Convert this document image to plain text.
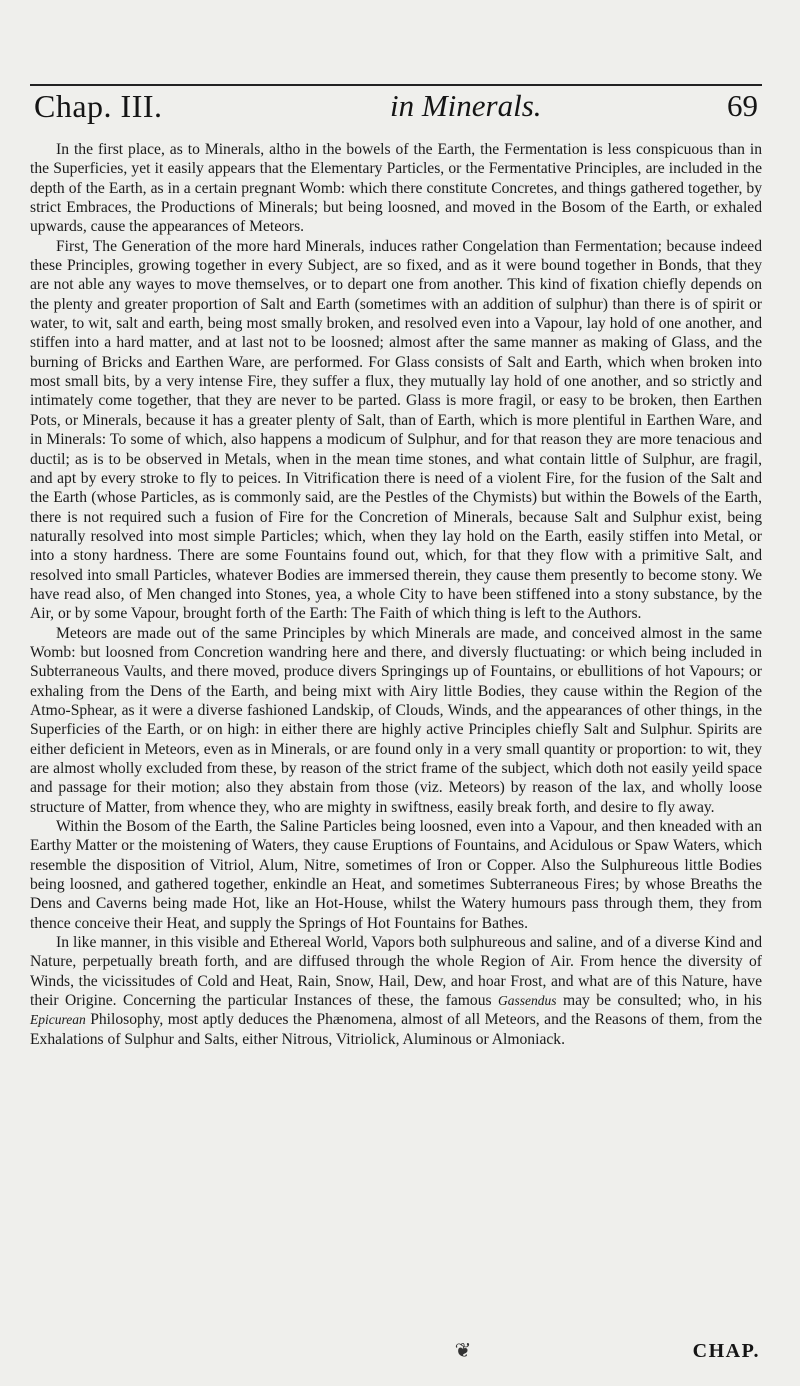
Chap. III.	in Minerals.	69

In the first place, as to Minerals, altho in the bowels of the Earth, the Fermentation is less conspicuous than in the Superficies, yet it easily appears that the Elementary Particles, or the Fermentative Principles, are included in the depth of the Earth, as in a certain pregnant Womb: which there constitute Concretes, and things gathered together, by strict Embraces, the Productions of Minerals; but being loosned, and moved in the Bosom of the Earth, or exhaled upwards, cause the appearances of Meteors.

First, The Generation of the more hard Minerals, induces rather Congelation than Fermentation; because indeed these Principles, growing together in every Subject, are so fixed, and as it were bound together in Bonds, that they are not able any wayes to move themselves, or to depart one from another. This kind of fixation chiefly depends on the plenty and greater proportion of Salt and Earth (sometimes with an addition of sulphur) than there is of spirit or water, to wit, salt and earth, being most smally broken, and resolved even into a Vapour, lay hold of one another, and stiffen into a hard matter, and at last not to be loosned; almost after the same manner as making of Glass, and the burning of Bricks and Earthen Ware, are performed. For Glass consists of Salt and Earth, which when broken into most small bits, by a very intense Fire, they suffer a flux, they mutually lay hold of one another, and so strictly and intimately come together, that they are never to be parted. Glass is more fragil, or easy to be broken, then Earthen Pots, or Minerals, because it has a greater plenty of Salt, than of Earth, which is more plentiful in Earthen Ware, and in Minerals: To some of which, also happens a modicum of Sulphur, and for that reason they are more tenacious and ductil; as is to be observed in Metals, when in the mean time stones, and what contain little of Sulphur, are fragil, and apt by every stroke to fly to peices. In Vitrification there is need of a violent Fire, for the fusion of the Salt and the Earth (whose Particles, as is commonly said, are the Pestles of the Chymists) but within the Bowels of the Earth, there is not required such a fusion of Fire for the Concretion of Minerals, because Salt and Sulphur exist, being naturally resolved into most simple Particles; which, when they lay hold on the Earth, easily stiffen into Metal, or into a stony hardness. There are some Fountains found out, which, for that they flow with a primitive Salt, and resolved into small Particles, whatever Bodies are immersed therein, they cause them presently to become stony. We have read also, of Men changed into Stones, yea, a whole City to have been stiffened into a stony substance, by the Air, or by some Vapour, brought forth of the Earth: The Faith of which thing is left to the Authors.

Meteors are made out of the same Principles by which Minerals are made, and conceived almost in the same Womb: but loosned from Concretion wandring here and there, and diversly fluctuating: or which being included in Subterraneous Vaults, and there moved, produce divers Springings up of Fountains, or ebullitions of hot Vapours; or exhaling from the Dens of the Earth, and being mixt with Airy little Bodies, they cause within the Region of the Atmo-Sphear, as it were a diverse fashioned Landskip, of Clouds, Winds, and the appearances of other things, in the Superficies of the Earth, or on high: in either there are highly active Principles chiefly Salt and Sulphur. Spirits are either deficient in Meteors, even as in Minerals, or are found only in a very small quantity or proportion: to wit, they are almost wholly excluded from these, by reason of the strict frame of the subject, which doth not easily yeild space and passage for their motion; also they abstain from those (viz. Meteors) by reason of the lax, and wholly loose structure of Matter, from whence they, who are mighty in swiftness, easily break forth, and desire to fly away.

Within the Bosom of the Earth, the Saline Particles being loosned, even into a Vapour, and then kneaded with an Earthy Matter or the moistening of Waters, they cause Eruptions of Fountains, and Acidulous or Spaw Waters, which resemble the disposition of Vitriol, Alum, Nitre, sometimes of Iron or Copper. Also the Sulphureous little Bodies being loosned, and gathered together, enkindle an Heat, and sometimes Subterraneous Fires; by whose Breaths the Dens and Caverns being made Hot, like an Hot-House, whilst the Watery humours pass through them, they from thence conceive their Heat, and supply the Springs of Hot Fountains for Bathes.

In like manner, in this visible and Ethereal World, Vapors both sulphureous and saline, and of a diverse Kind and Nature, perpetually breath forth, and are diffused through the whole Region of Air. From hence the diversity of Winds, the vicissitudes of Cold and Heat, Rain, Snow, Hail, Dew, and hoar Frost, and what are of this Nature, have their Origine. Concerning the particular Instances of these, the famous Gassendus may be consulted; who, in his Epicurean Philosophy, most aptly deduces the Phænomena, almost of all Meteors, and the Reasons of them, from the Exhalations of Sulphur and Salts, either Nitrous, Vitriolick, Aluminous or Almoniack.

❦	CHAP.
